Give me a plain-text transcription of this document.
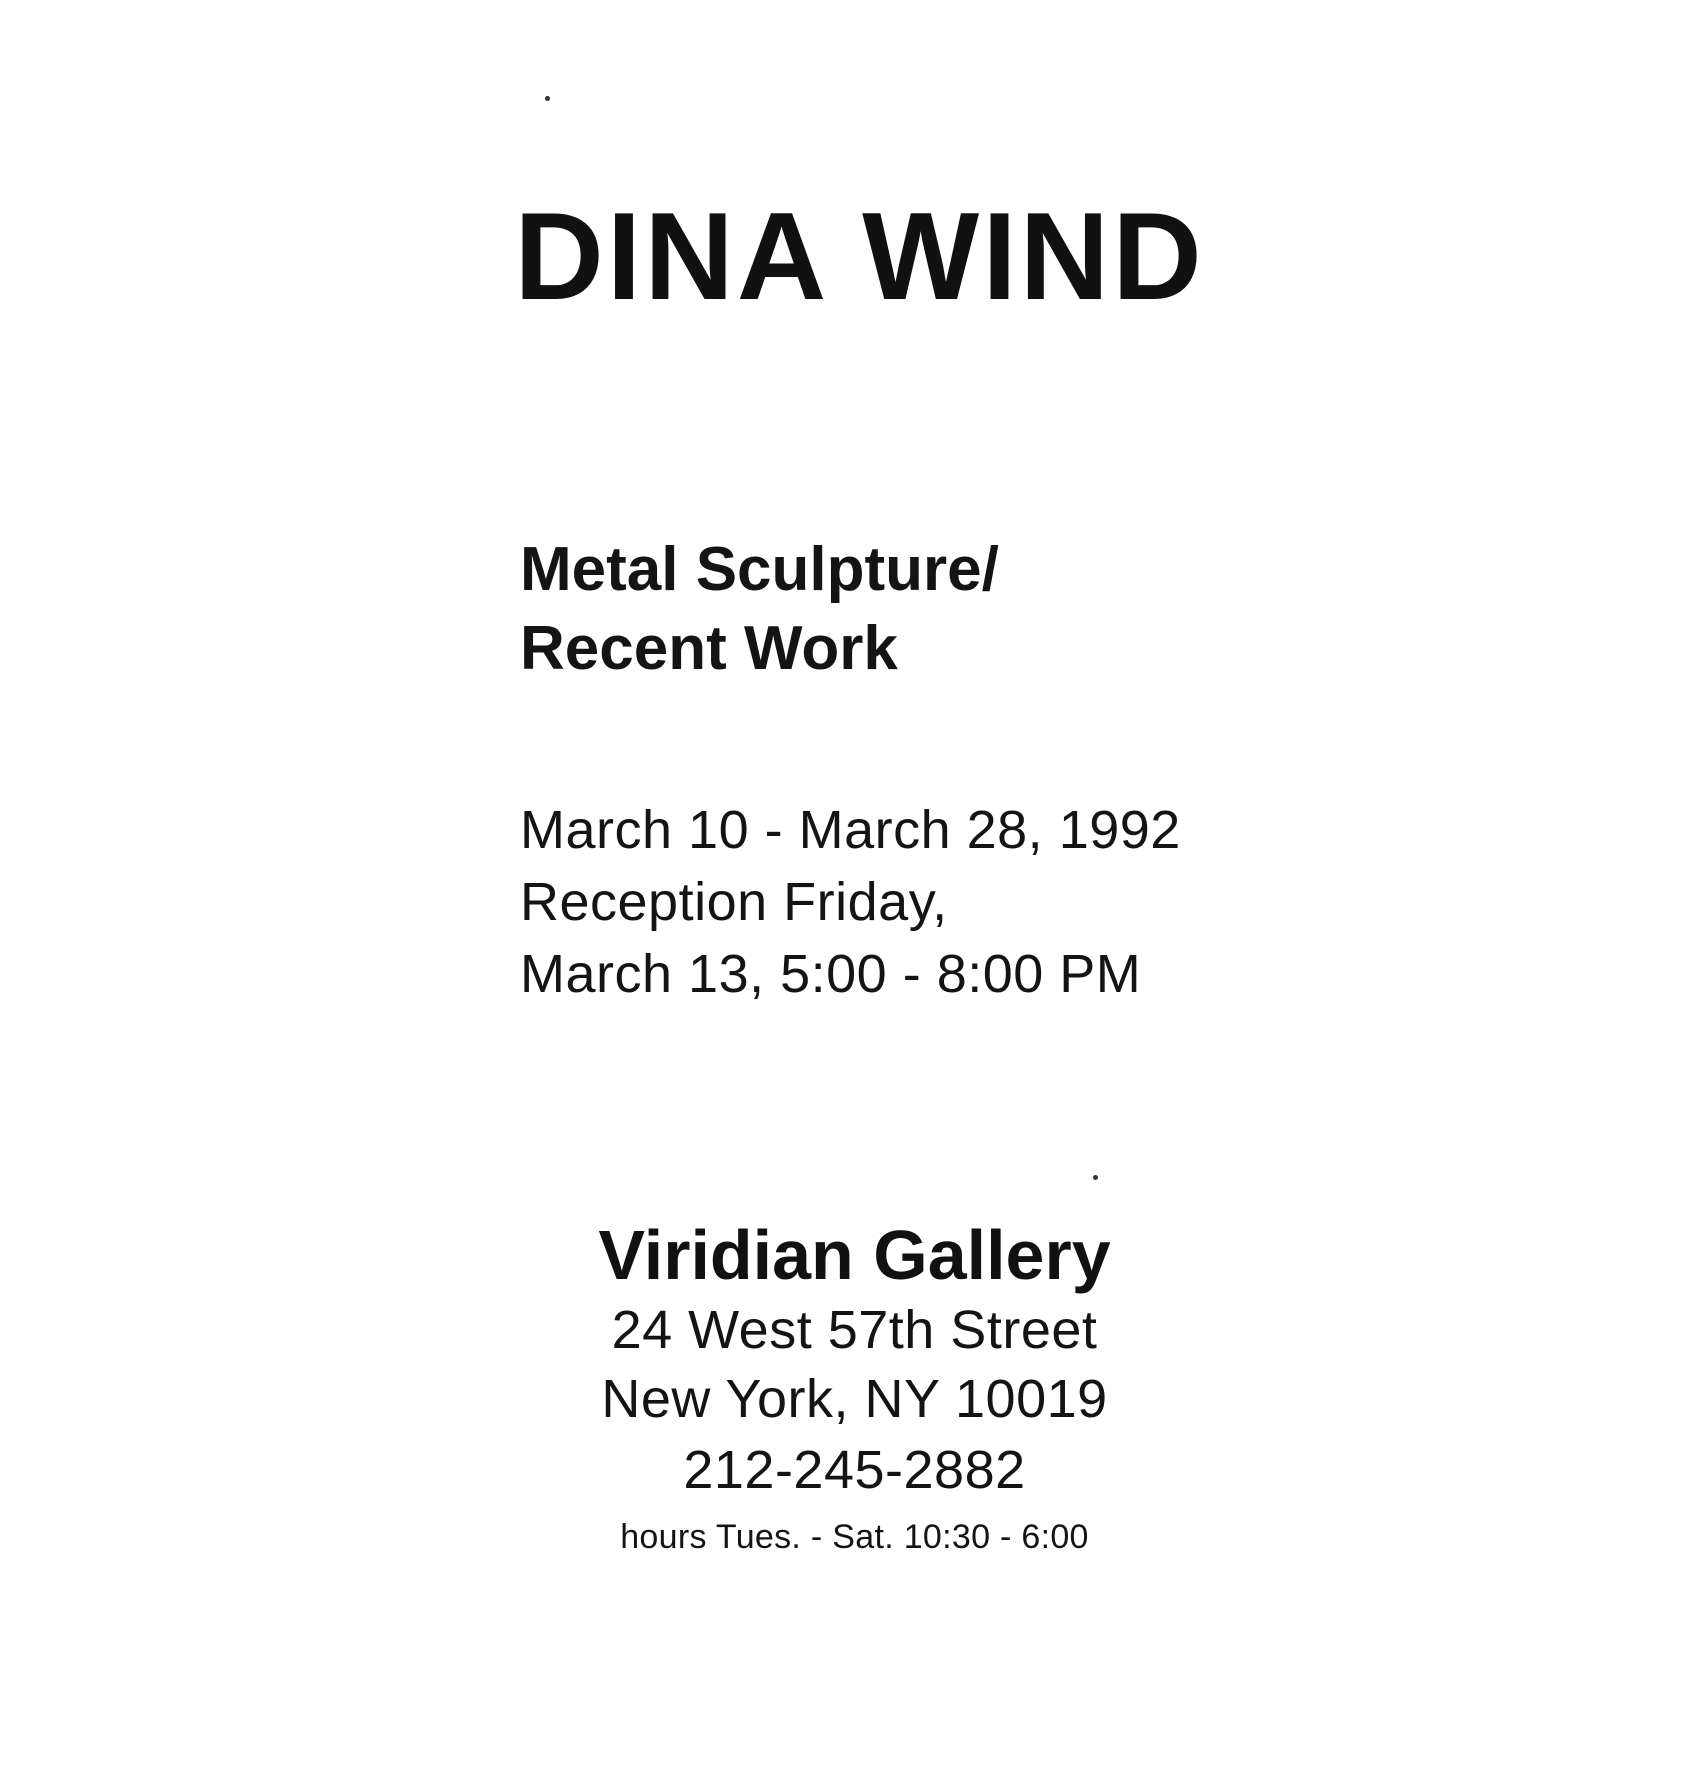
DINA WIND
Metal Sculpture/
Recent Work
March 10 - March 28, 1992
Reception Friday,
March 13, 5:00 - 8:00 PM
Viridian Gallery
24 West 57th Street
New York, NY 10019
212-245-2882
hours Tues. - Sat. 10:30 - 6:00
